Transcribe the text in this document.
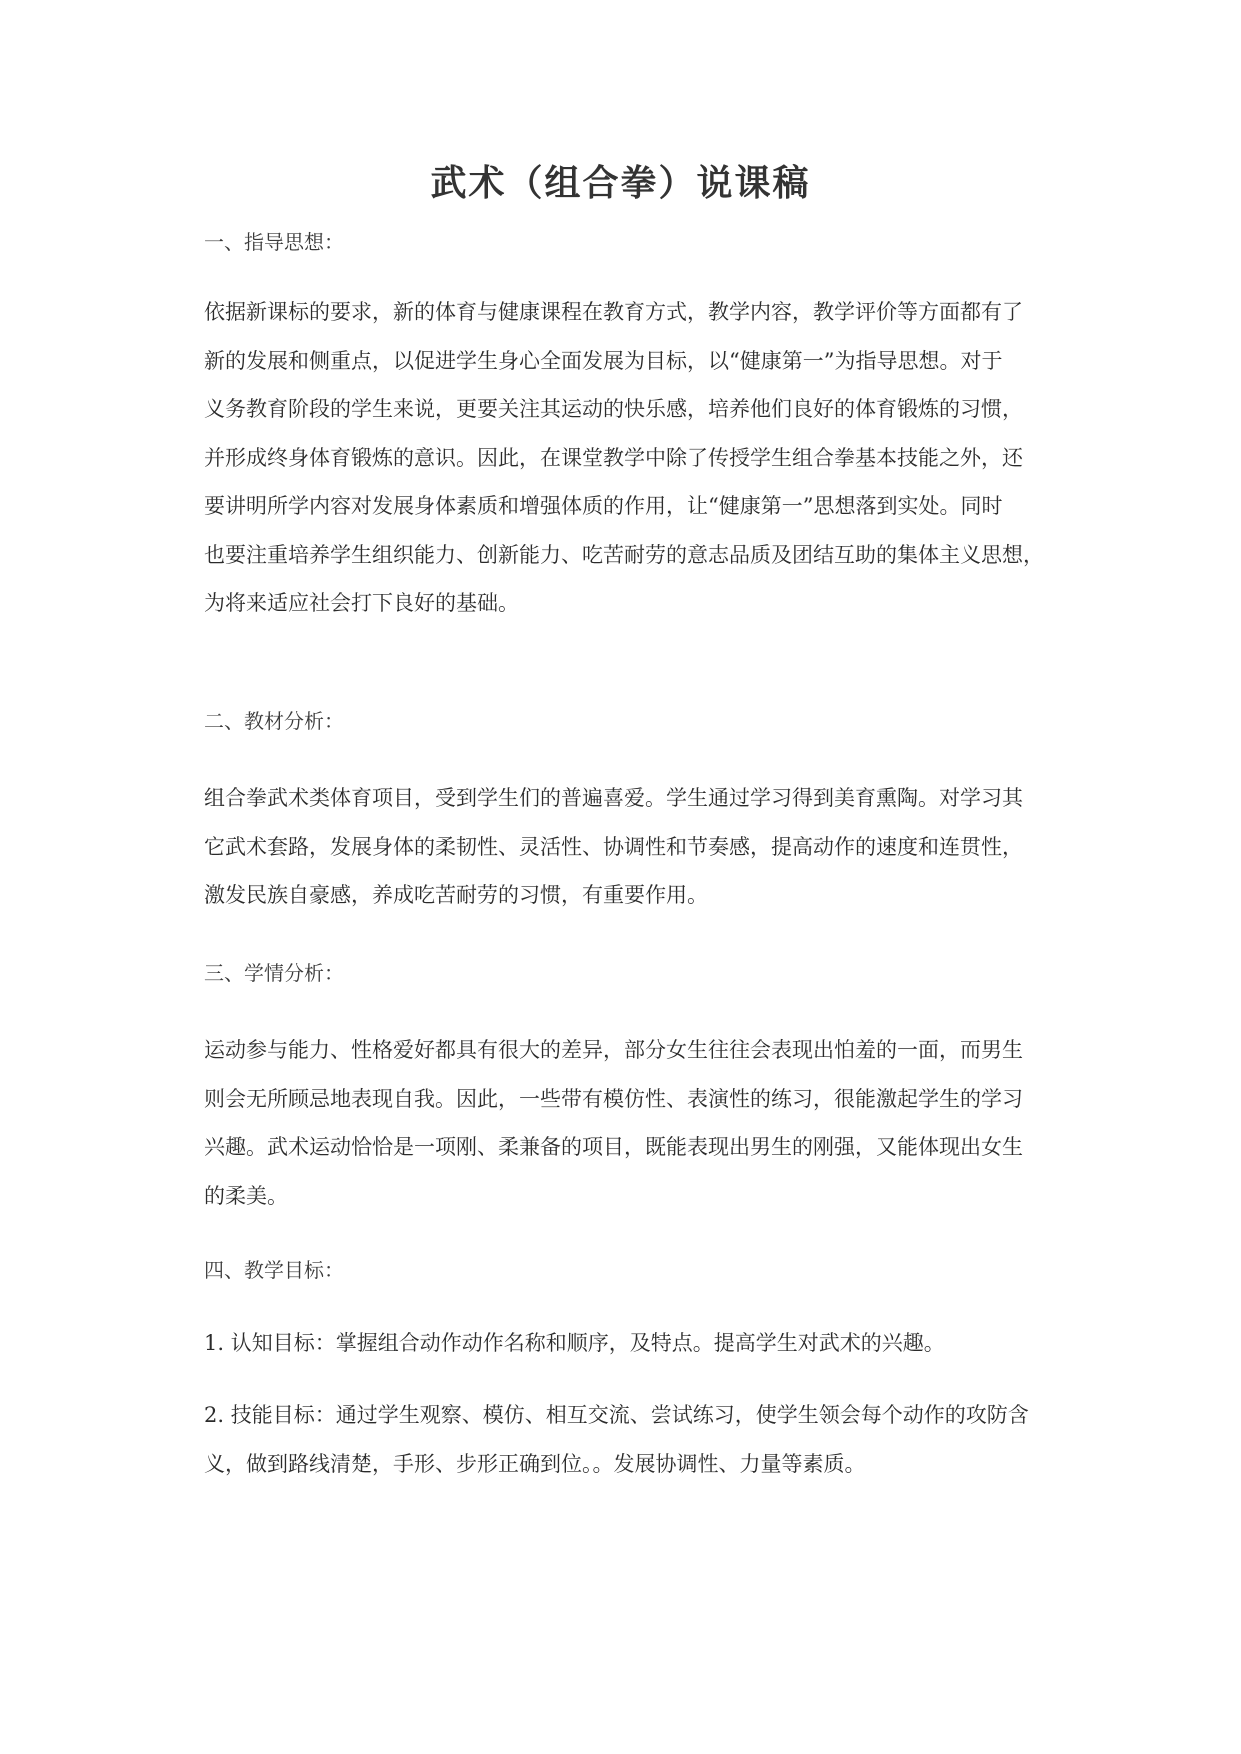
武术（组合拳）说课稿
一、指导思想：
依据新课标的要求，新的体育与健康课程在教育方式，教学内容，教学评价等方面都有了
新的发展和侧重点，以促进学生身心全面发展为目标，以“健康第一”为指导思想。对于
义务教育阶段的学生来说，更要关注其运动的快乐感，培养他们良好的体育锻炼的习惯，
并形成终身体育锻炼的意识。因此，在课堂教学中除了传授学生组合拳基本技能之外，还
要讲明所学内容对发展身体素质和增强体质的作用，让“健康第一”思想落到实处。同时
也要注重培养学生组织能力、创新能力、吃苦耐劳的意志品质及团结互助的集体主义思想，
为将来适应社会打下良好的基础。
二、教材分析：
组合拳武术类体育项目，受到学生们的普遍喜爱。学生通过学习得到美育熏陶。对学习其
它武术套路，发展身体的柔韧性、灵活性、协调性和节奏感，提高动作的速度和连贯性，
激发民族自豪感，养成吃苦耐劳的习惯，有重要作用。
三、学情分析：
运动参与能力、性格爱好都具有很大的差异，部分女生往往会表现出怕羞的一面，而男生
则会无所顾忌地表现自我。因此，一些带有模仿性、表演性的练习，很能激起学生的学习
兴趣。武术运动恰恰是一项刚、柔兼备的项目，既能表现出男生的刚强，又能体现出女生
的柔美。
四、教学目标：
1. 认知目标：掌握组合动作动作名称和顺序，及特点。提高学生对武术的兴趣。
2. 技能目标：通过学生观察、模仿、相互交流、尝试练习，使学生领会每个动作的攻防含
义，做到路线清楚，手形、步形正确到位。。发展协调性、力量等素质。
